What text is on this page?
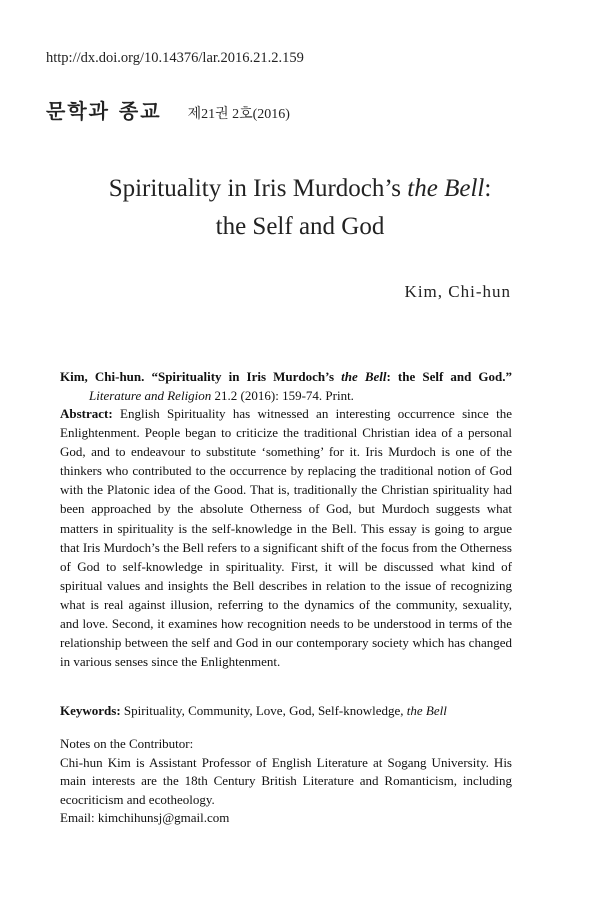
http://dx.doi.org/10.14376/lar.2016.21.2.159
문학과 종교 제21권 2호(2016)
Spirituality in Iris Murdoch’s the Bell:
the Self and God
Kim, Chi-hun
Kim, Chi-hun. “Spirituality in Iris Murdoch’s the Bell: the Self and God.”
Literature and Religion 21.2 (2016): 159-74. Print.
Abstract: English Spirituality has witnessed an interesting occurrence since the Enlightenment. People began to criticize the traditional Christian idea of a personal God, and to endeavour to substitute ‘something’ for it. Iris Murdoch is one of the thinkers who contributed to the occurrence by replacing the traditional notion of God with the Platonic idea of the Good. That is, traditionally the Christian spirituality had been approached by the absolute Otherness of God, but Murdoch suggests what matters in spirituality is the self-knowledge in the Bell. This essay is going to argue that Iris Murdoch’s the Bell refers to a significant shift of the focus from the Otherness of God to self-knowledge in spirituality. First, it will be discussed what kind of spiritual values and insights the Bell describes in relation to the issue of recognizing what is real against illusion, referring to the dynamics of the community, sexuality, and love. Second, it examines how recognition needs to be understood in terms of the relationship between the self and God in our contemporary society which has changed in various senses since the Enlightenment.
Keywords: Spirituality, Community, Love, God, Self-knowledge, the Bell
Notes on the Contributor:
Chi-hun Kim is Assistant Professor of English Literature at Sogang University. His main interests are the 18th Century British Literature and Romanticism, including ecocriticism and ecotheology.
Email: kimchihunsj@gmail.com
